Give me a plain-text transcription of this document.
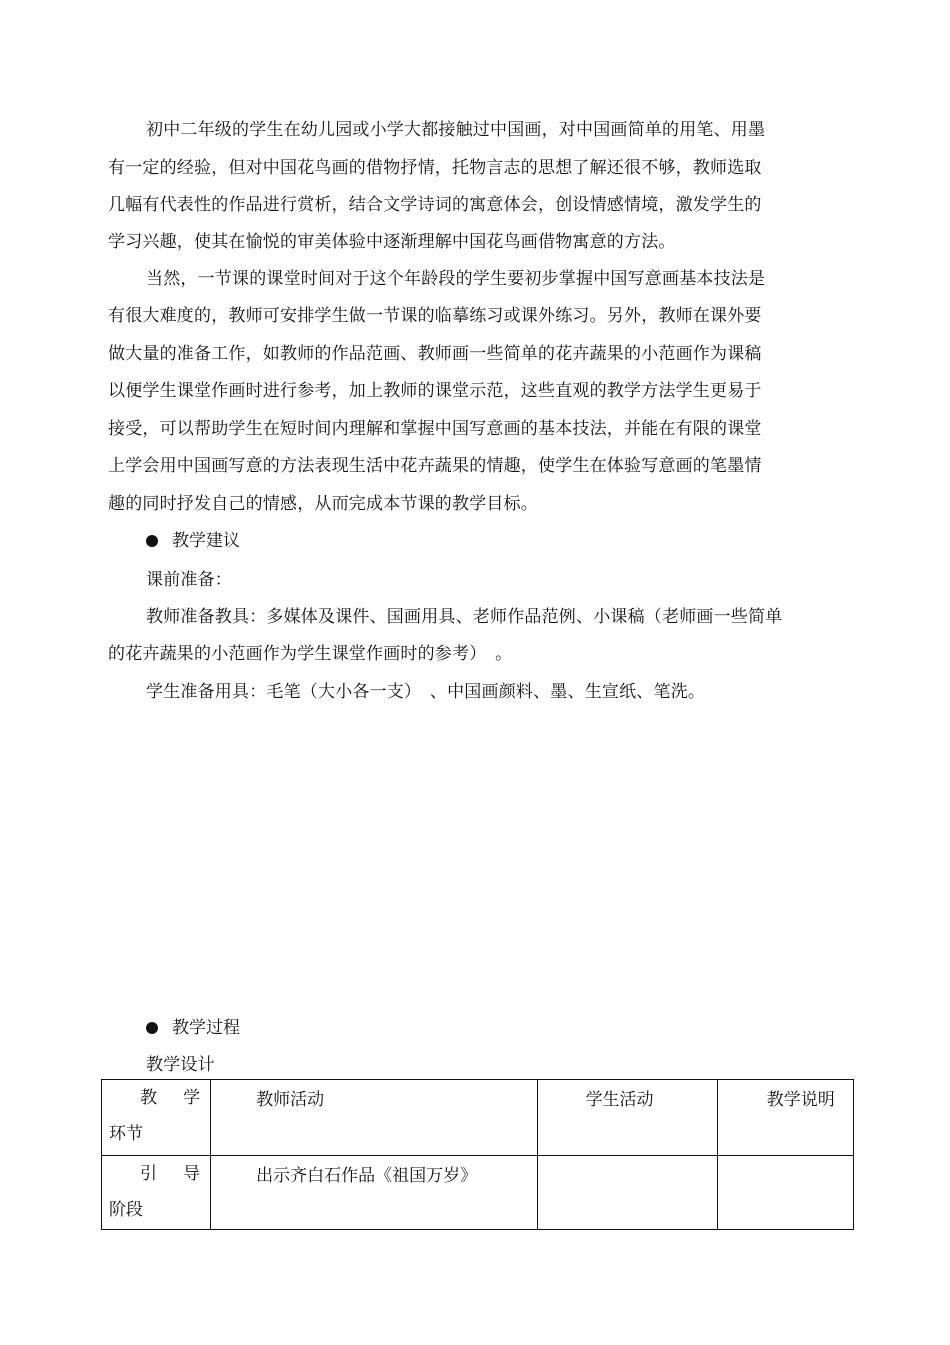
初中二年级的学生在幼儿园或小学大都接触过中国画，对中国画简单的用笔、用墨
有一定的经验，但对中国花鸟画的借物抒情，托物言志的思想了解还很不够，教师选取
几幅有代表性的作品进行赏析，结合文学诗词的寓意体会，创设情感情境，激发学生的
学习兴趣，使其在愉悦的审美体验中逐渐理解中国花鸟画借物寓意的方法。
当然，一节课的课堂时间对于这个年龄段的学生要初步掌握中国写意画基本技法是
有很大难度的，教师可安排学生做一节课的临摹练习或课外练习。另外，教师在课外要
做大量的准备工作，如教师的作品范画、教师画一些简单的花卉蔬果的小范画作为课稿
以便学生课堂作画时进行参考，加上教师的课堂示范，这些直观的教学方法学生更易于
接受，可以帮助学生在短时间内理解和掌握中国写意画的基本技法，并能在有限的课堂
上学会用中国画写意的方法表现生活中花卉蔬果的情趣，使学生在体验写意画的笔墨情
趣的同时抒发自己的情感，从而完成本节课的教学目标。
教学建议
课前准备：
教师准备教具：多媒体及课件、国画用具、老师作品范例、小课稿（老师画一些简单
的花卉蔬果的小范画作为学生课堂作画时的参考）　。
学生准备用具：毛笔（大小各一支）　、中国画颜料、墨、生宣纸、笔洗。
教学过程
教学设计
教 学
环节	教师活动	学生活动	教学说明

引 导
阶段	出示齐白石作品《祖国万岁》		
